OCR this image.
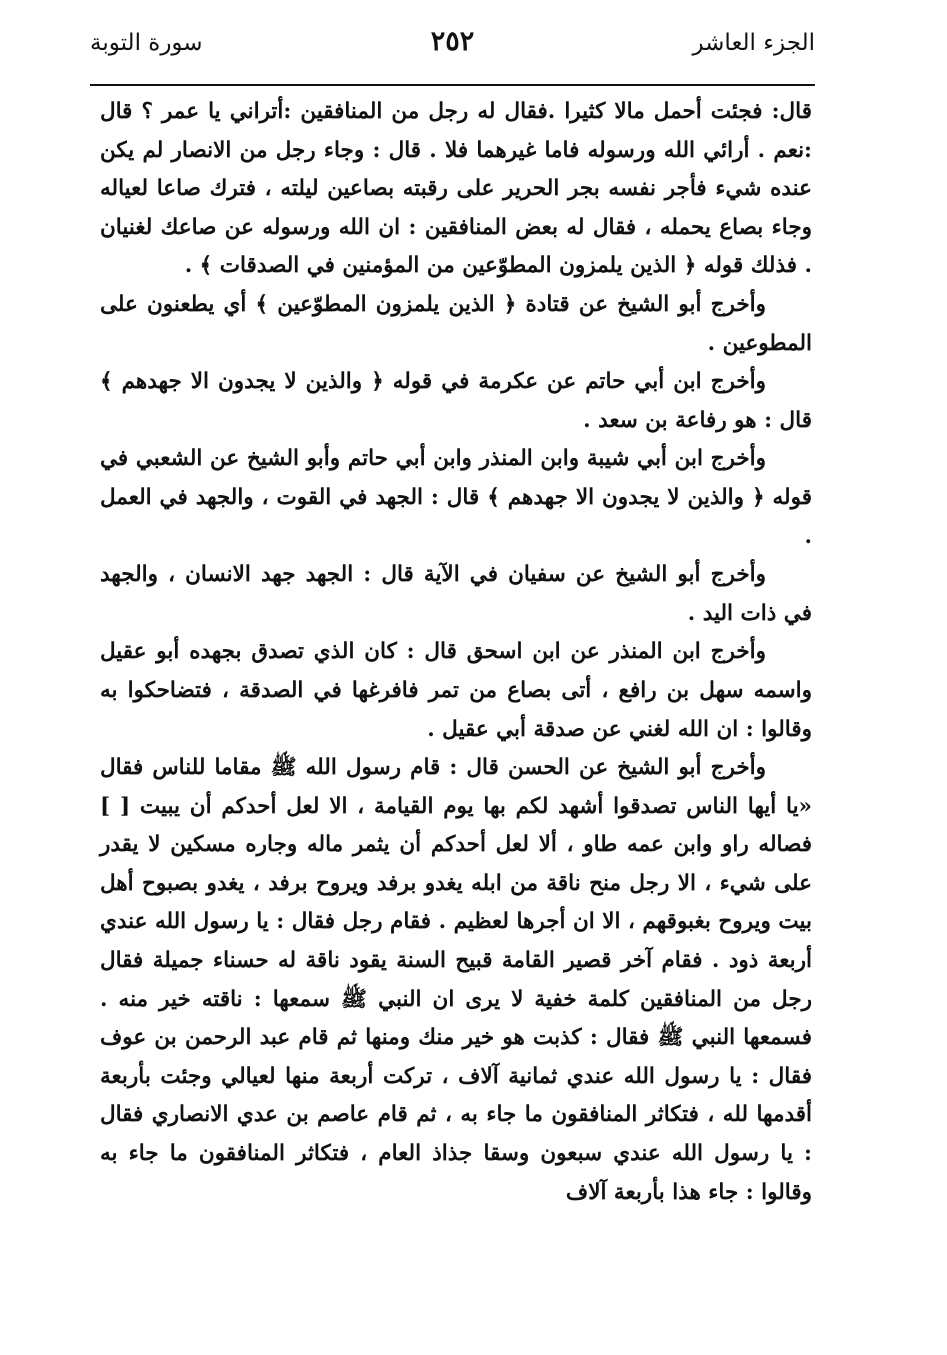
الجزء العاشر
٢٥٢
سورة التوبة

قال: فجئت أحمل مالا كثيرا .فقال له رجل من المنافقين :أتراني يا عمر ؟ قال :نعم . أرائي الله ورسوله فاما غيرهما فلا . قال : وجاء رجل من الانصار لم يكن عنده شيء فأجر نفسه بجر الحرير على رقبته بصاعين ليلته ، فترك صاعا لعياله وجاء بصاع يحمله ، فقال له بعض المنافقين : ان الله ورسوله عن صاعك لغنيان . فذلك قوله ﴿ الذين يلمزون المطوّعين من المؤمنين في الصدقات ﴾ .

وأخرج أبو الشيخ عن قتادة ﴿ الذين يلمزون المطوّعين ﴾ أي يطعنون على المطوعين .

وأخرج ابن أبي حاتم عن عكرمة في قوله ﴿ والذين لا يجدون الا جهدهم ﴾ قال : هو رفاعة بن سعد .

وأخرج ابن أبي شيبة وابن المنذر وابن أبي حاتم وأبو الشيخ عن الشعبي في قوله ﴿ والذين لا يجدون الا جهدهم ﴾ قال : الجهد في القوت ، والجهد في العمل .

وأخرج أبو الشيخ عن سفيان في الآية قال : الجهد جهد الانسان ، والجهد في ذات اليد .

وأخرج ابن المنذر عن ابن اسحق قال : كان الذي تصدق بجهده أبو عقيل واسمه سهل بن رافع ، أتى بصاع من تمر فافرغها في الصدقة ، فتضاحكوا به وقالوا : ان الله لغني عن صدقة أبي عقيل .

وأخرج أبو الشيخ عن الحسن قال : قام رسول الله ﷺ مقاما للناس فقال «يا أيها الناس تصدقوا أشهد لكم بها يوم القيامة ، الا لعل أحدكم أن يبيت [ ] فصاله راو وابن عمه طاو ، ألا لعل أحدكم أن يثمر ماله وجاره مسكين لا يقدر على شيء ، الا رجل منح ناقة من ابله يغدو برفد ويروح برفد ، يغدو بصبوح أهل بيت ويروح بغبوقهم ، الا ان أجرها لعظيم . فقام رجل فقال : يا رسول الله عندي أربعة ذود . فقام آخر قصير القامة قبيح السنة يقود ناقة له حسناء جميلة فقال رجل من المنافقين كلمة خفية لا يرى ان النبي ﷺ سمعها : ناقته خير منه . فسمعها النبي ﷺ فقال : كذبت هو خير منك ومنها ثم قام عبد الرحمن بن عوف فقال : يا رسول الله عندي ثمانية آلاف ، تركت أربعة منها لعيالي وجئت بأربعة أقدمها لله ، فتكاثر المنافقون ما جاء به ، ثم قام عاصم بن عدي الانصاري فقال : يا رسول الله عندي سبعون وسقا جذاذ العام ، فتكاثر المنافقون ما جاء به وقالوا : جاء هذا بأربعة آلاف
